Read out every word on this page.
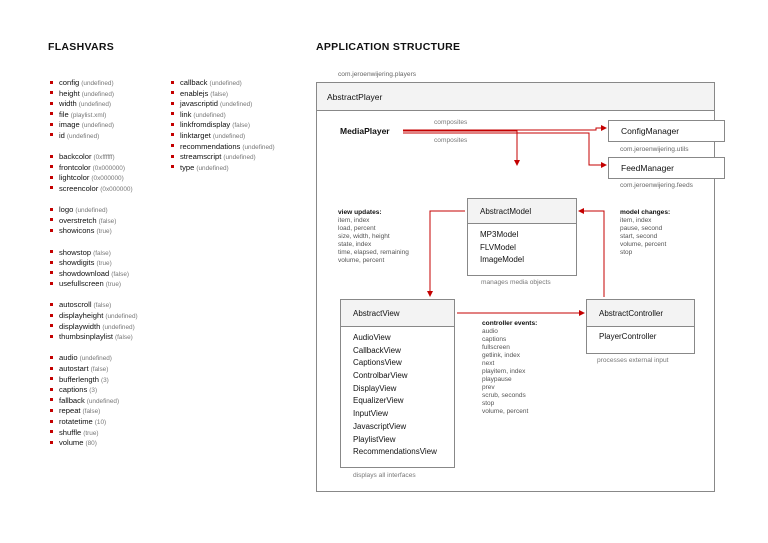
FLASHVARS	APPLICATION STRUCTURE
config (undefined)
height (undefined)
width (undefined)
file (playlist.xml)
image (undefined)
id (undefined)
backcolor (0xffffff)
frontcolor (0x000000)
lightcolor (0x000000)
screencolor (0x000000)
logo (undefined)
overstretch (false)
showicons (true)
showstop (false)
showdigits (true)
showdownload (false)
usefullscreen (true)
autoscroll (false)
displayheight (undefined)
displaywidth (undefined)
thumbsinplaylist (false)
audio (undefined)
autostart (false)
bufferlength (3)
captions (3)
fallback (undefined)
repeat (false)
rotatetime (10)
shuffle (true)
volume (80)
callback (undefined)
enablejs (false)
javascriptid (undefined)
link (undefined)
linkfromdisplay (false)
linktarget (undefined)
recommendations (undefined)
streamscript (undefined)
type (undefined)
com.jeroenwijering.players
AbstractPlayer
MediaPlayer
composites
composites
ConfigManager
com.jeroenwijering.utils
FeedManager
com.jeroenwijering.feeds
AbstractModel
MP3Model
FLVModel
ImageModel
manages media objects
view updates:
item, index
load, percent
size, width, height
state, index
time, elapsed, remaining
volume, percent
model changes:
item, index
pause, second
start, second
volume, percent
stop
AbstractView
AudioView
CallbackView
CaptionsView
ControlbarView
DisplayView
EqualizerView
InputView
JavascriptView
PlaylistView
RecommendationsView
displays all interfaces
controller events:
audio
captions
fullscreen
getlink, index
next
playitem, index
playpause
prev
scrub, seconds
stop
volume, percent
AbstractController
PlayerController
processes external input
